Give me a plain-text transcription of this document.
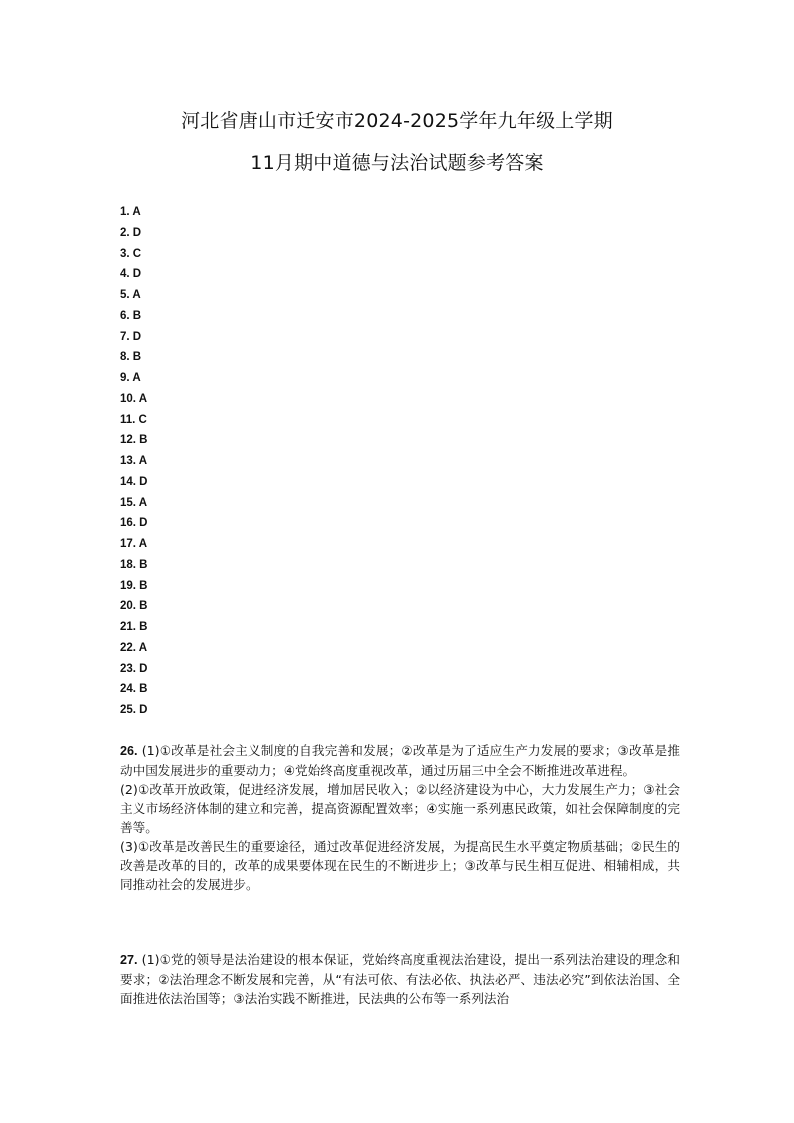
河北省唐山市迁安市2024-2025学年九年级上学期
11月期中道德与法治试题参考答案
1. A
2. D
3. C
4. D
5. A
6. B
7. D
8. B
9. A
10. A
11. C
12. B
13. A
14. D
15. A
16. D
17. A
18. B
19. B
20. B
21. B
22. A
23. D
24. B
25. D

26. (1)①改革是社会主义制度的自我完善和发展；②改革是为了适应生产力发展的要求；③改革是推动中国发展进步的重要动力；④党始终高度重视改革，通过历届三中全会不断推进改革进程。

(2)①改革开放政策，促进经济发展，增加居民收入；②以经济建设为中心，大力发展生产力；③社会主义市场经济体制的建立和完善，提高资源配置效率；④实施一系列惠民政策，如社会保障制度的完善等。

(3)①改革是改善民生的重要途径，通过改革促进经济发展，为提高民生水平奠定物质基础；②民生的改善是改革的目的，改革的成果要体现在民生的不断进步上；③改革与民生相互促进、相辅相成，共同推动社会的发展进步。

27. (1)①党的领导是法治建设的根本保证，党始终高度重视法治建设，提出一系列法治建设的理念和要求；②法治理念不断发展和完善，从“有法可依、有法必依、执法必严、违法必究”到依法治国、全面推进依法治国等；③法治实践不断推进，民法典的公布等一系列法治
